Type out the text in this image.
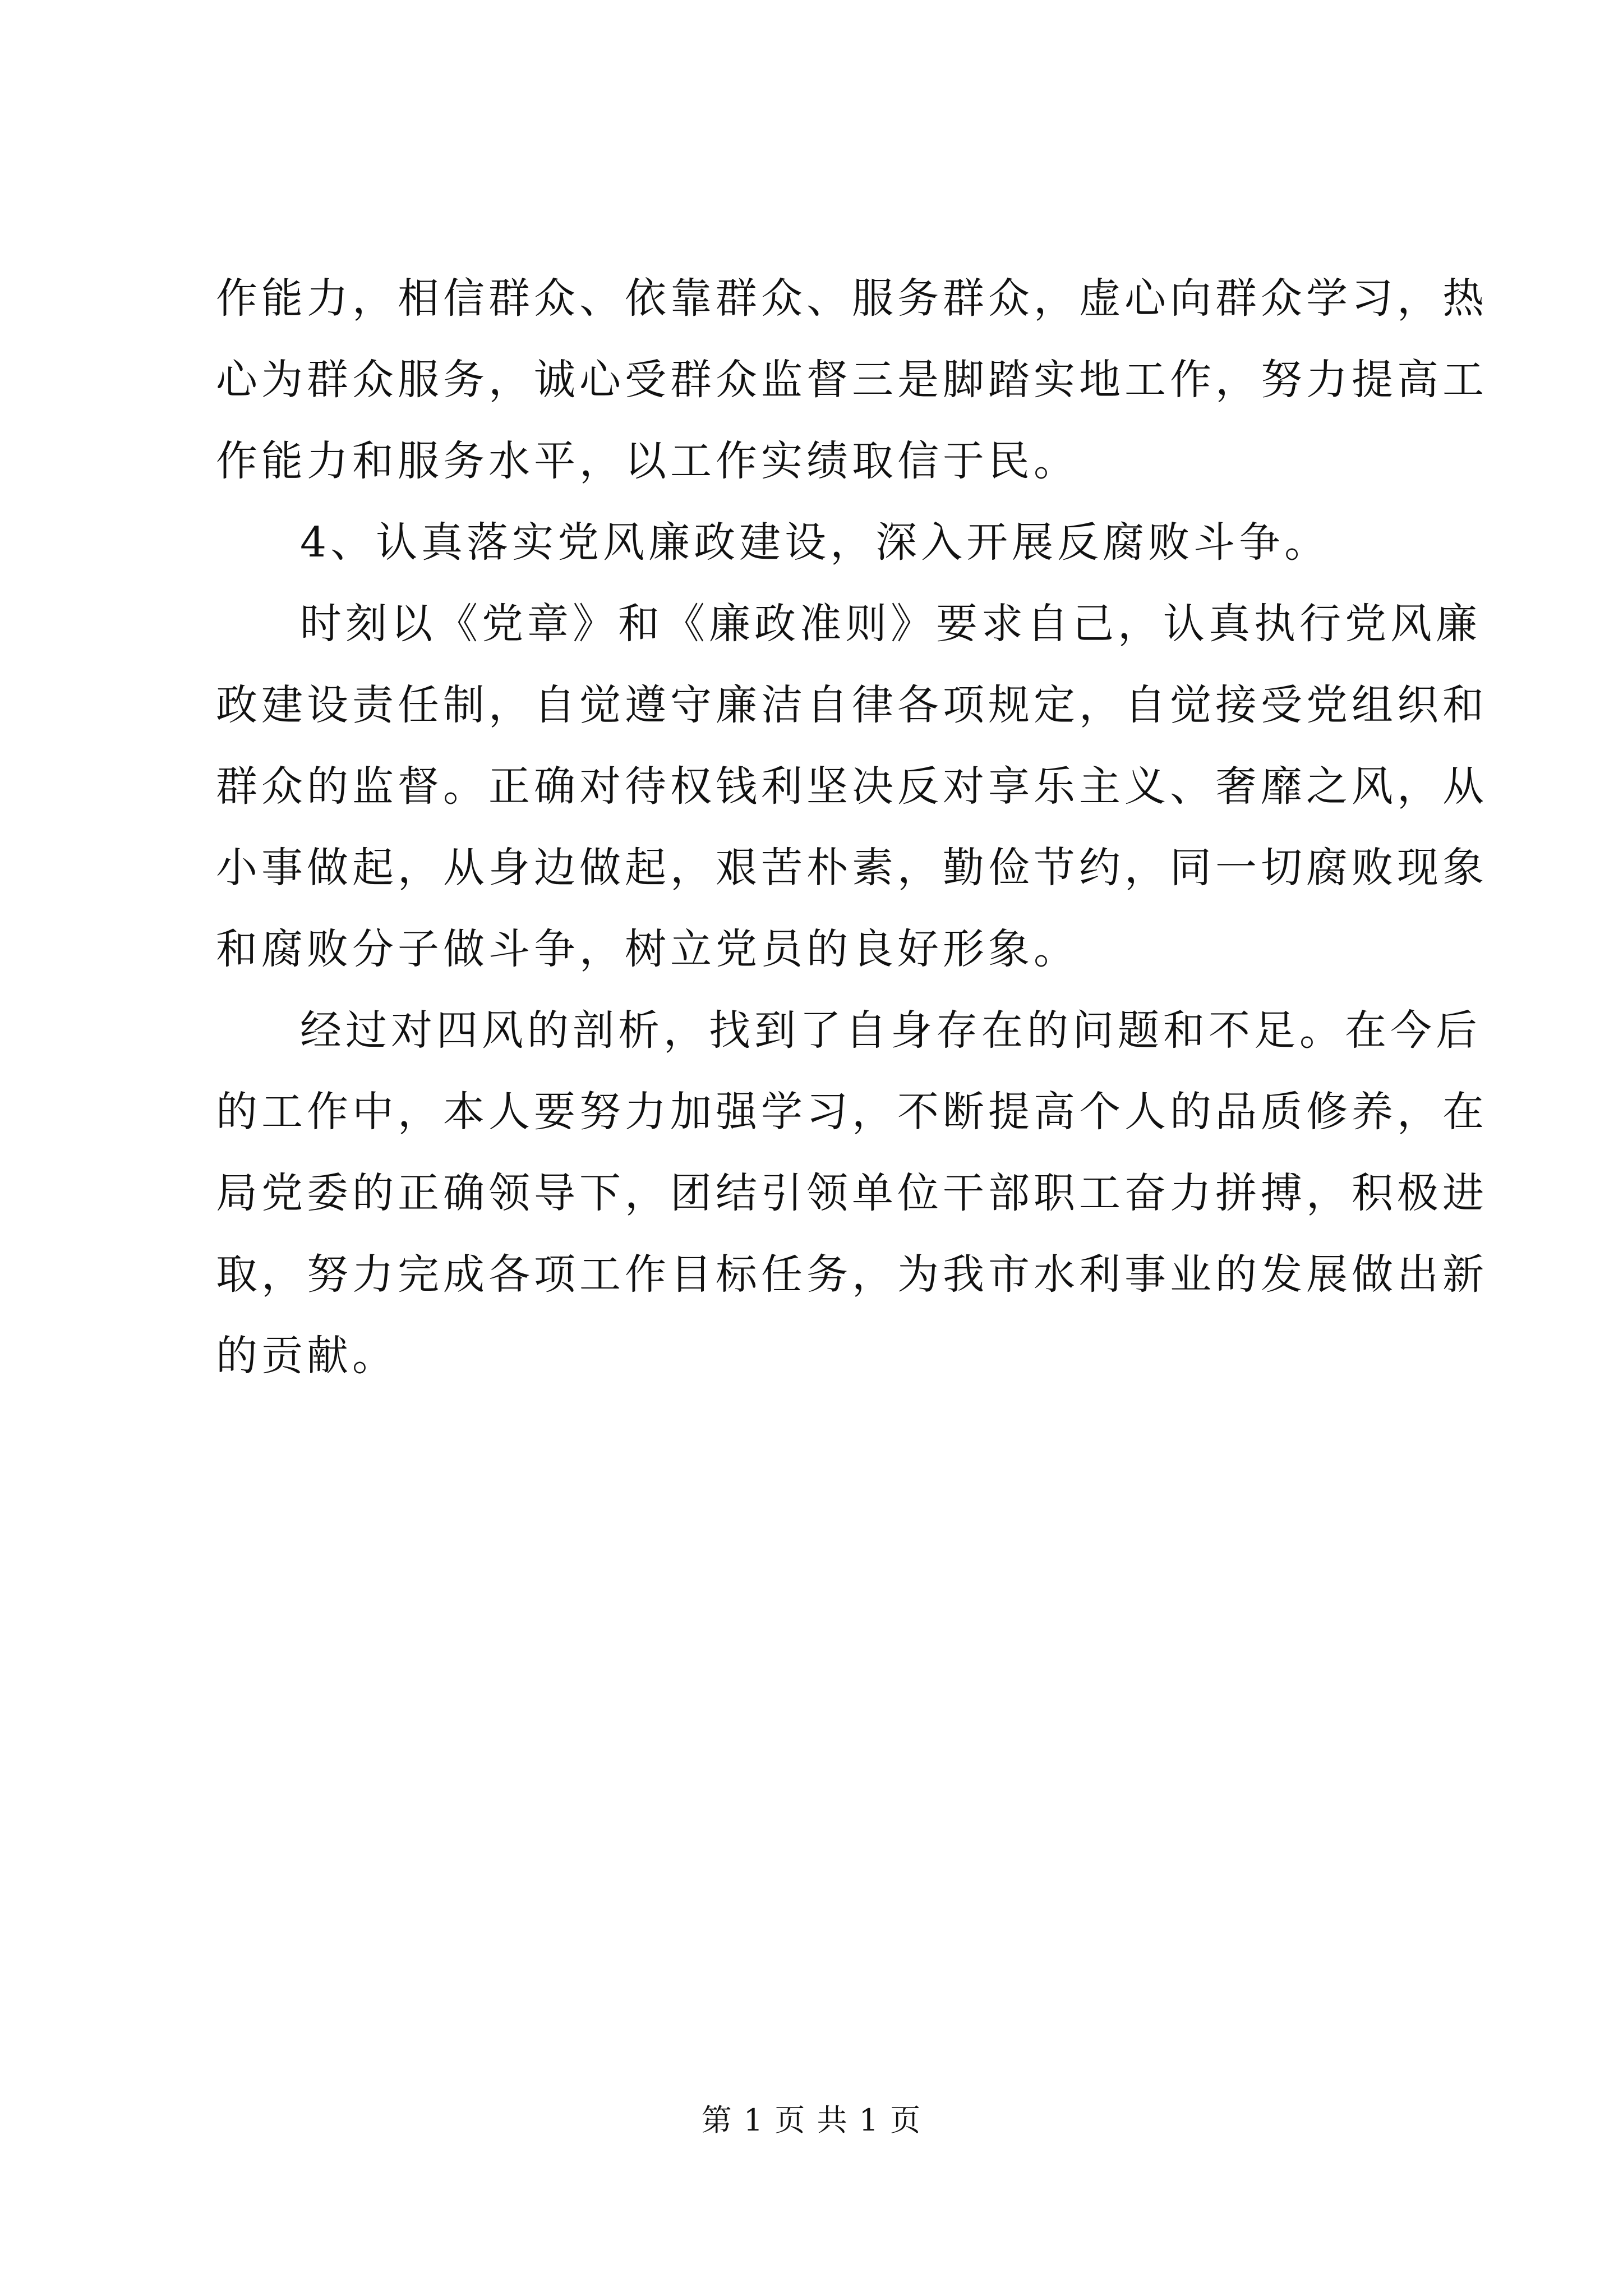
作能力，相信群众、依靠群众、服务群众，虚心向群众学习，热
心为群众服务，诚心受群众监督三是脚踏实地工作，努力提高工
作能力和服务水平，以工作实绩取信于民。
4、认真落实党风廉政建设，深入开展反腐败斗争。
时刻以《党章》和《廉政准则》要求自己，认真执行党风廉
政建设责任制，自觉遵守廉洁自律各项规定，自觉接受党组织和
群众的监督。正确对待权钱利坚决反对享乐主义、奢靡之风，从
小事做起，从身边做起，艰苦朴素，勤俭节约，同一切腐败现象
和腐败分子做斗争，树立党员的良好形象。
经过对四风的剖析，找到了自身存在的问题和不足。在今后
的工作中，本人要努力加强学习，不断提高个人的品质修养，在
局党委的正确领导下，团结引领单位干部职工奋力拼搏，积极进
取，努力完成各项工作目标任务，为我市水利事业的发展做出新
的贡献。
第 1 页 共 1 页
